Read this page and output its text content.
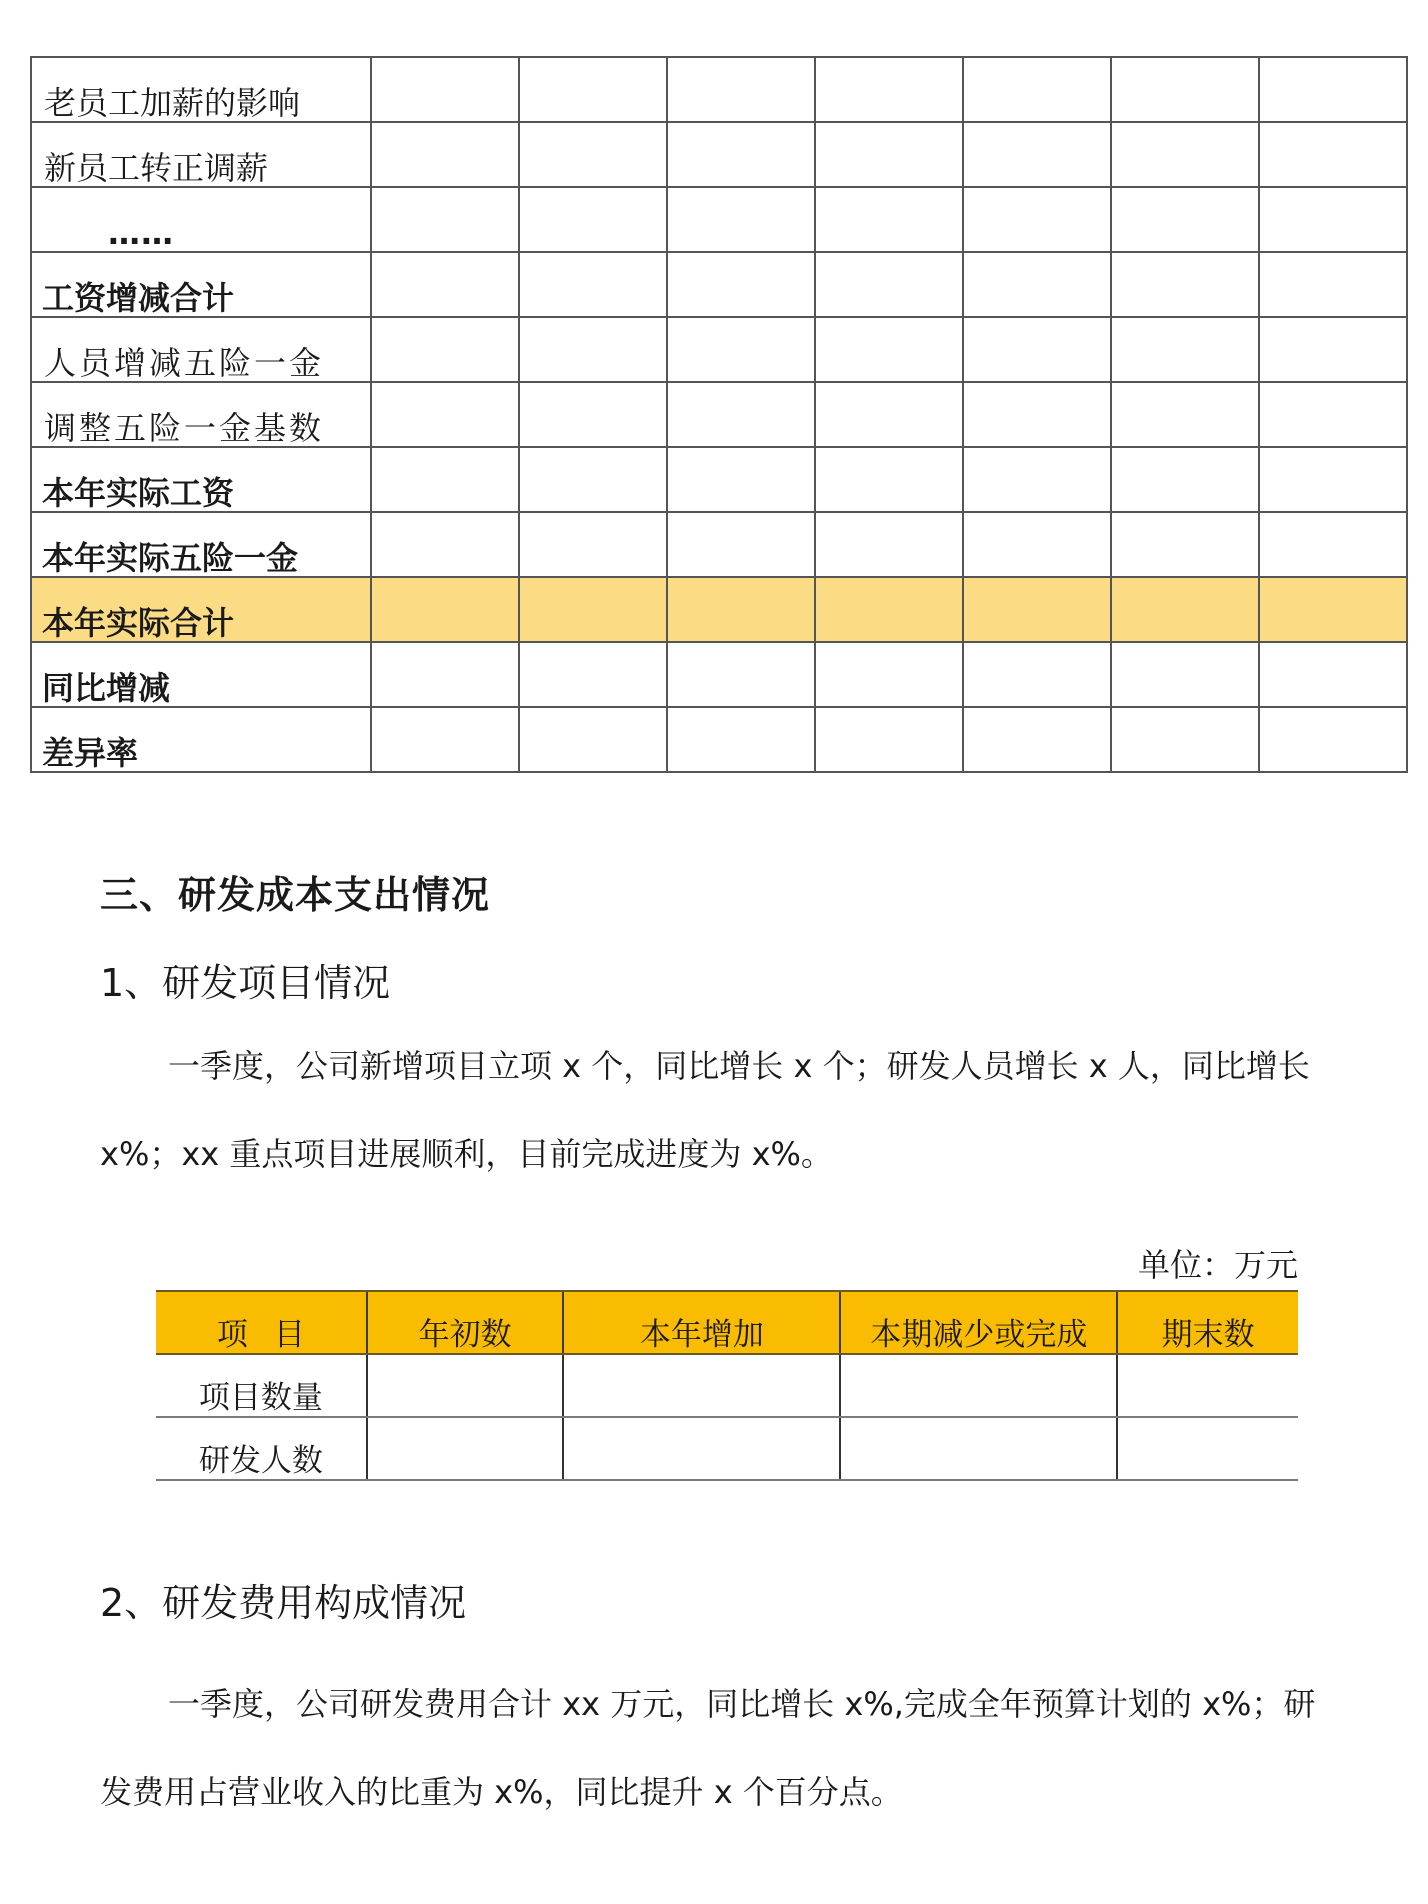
老员工加薪的影响							
新员工转正调薪							
……							
工资增减合计							
人员增减五险一金							
调整五险一金基数							
本年实际工资							
本年实际五险一金							
本年实际合计							
同比增减							
差异率							
三、研发成本支出情况
1、研发项目情况

一季度，公司新增项目立项 x 个，同比增长 x 个；研发人员增长 x 人，同比增长
x%；xx 重点项目进展顺利，目前完成进度为 x%。

单位：万元
项目	年初数	本年增加	本期减少或完成	期末数
项目数量				
研发人数				
2、研发费用构成情况

一季度，公司研发费用合计 xx 万元，同比增长 x%,完成全年预算计划的 x%；研
发费用占营业收入的比重为 x%，同比提升 x 个百分点。
